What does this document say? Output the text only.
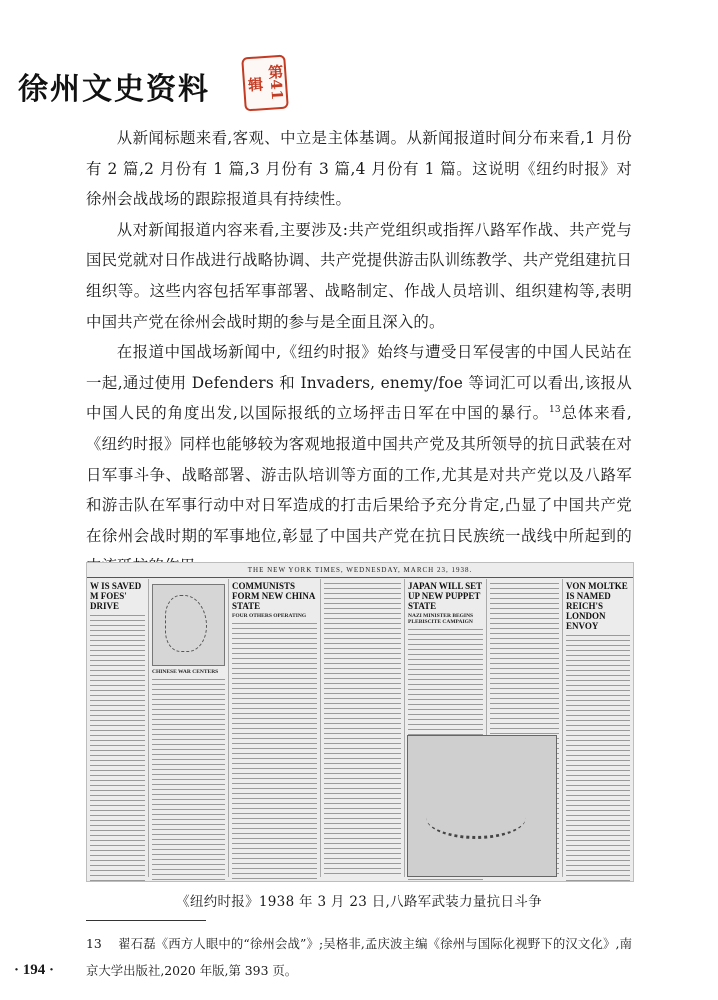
徐州文史资料	第41辑

从新闻标题来看,客观、中立是主体基调。从新闻报道时间分布来看,1 月份有 2 篇,2 月份有 1 篇,3 月份有 3 篇,4 月份有 1 篇。这说明《纽约时报》对徐州会战战场的跟踪报道具有持续性。

从对新闻报道内容来看,主要涉及:共产党组织或指挥八路军作战、共产党与国民党就对日作战进行战略协调、共产党提供游击队训练教学、共产党组建抗日组织等。这些内容包括军事部署、战略制定、作战人员培训、组织建构等,表明中国共产党在徐州会战时期的参与是全面且深入的。

在报道中国战场新闻中,《纽约时报》始终与遭受日军侵害的中国人民站在一起,通过使用 Defenders 和 Invaders, enemy/foe 等词汇可以看出,该报从中国人民的角度出发,以国际报纸的立场抨击日军在中国的暴行。$^{13}$总体来看,《纽约时报》同样也能够较为客观地报道中国共产党及其所领导的抗日武装在对日军事斗争、战略部署、游击队培训等方面的工作,尤其是对共产党以及八路军和游击队在军事行动中对日军造成的打击后果给予充分肯定,凸显了中国共产党在徐州会战时期的军事地位,彰显了中国共产党在抗日民族统一战线中所起到的

THE NEW YORK TIMES, WEDNESDAY, MARCH 23, 1938.
W IS SAVED M FOES' DRIVE
CHINESE WAR CENTERS
COMMUNISTS FORM NEW CHINA STATE
FOUR OTHERS OPERATING
JAPAN WILL SET UP NEW PUPPET STATE
NAZI MINISTER BEGINS PLEBISCITE CAMPAIGN
VON MOLTKE IS NAMED REICH'S LONDON ENVOY
《纽约时报》1938 年 3 月 23 日,八路军武装力量抗日斗争
13 翟石磊《西方人眼中的“徐州会战”》;吴格非,孟庆波主编《徐州与国际化视野下的汉文化》,南京大学出版社,2020 年版,第 393 页。
· 194 ·
